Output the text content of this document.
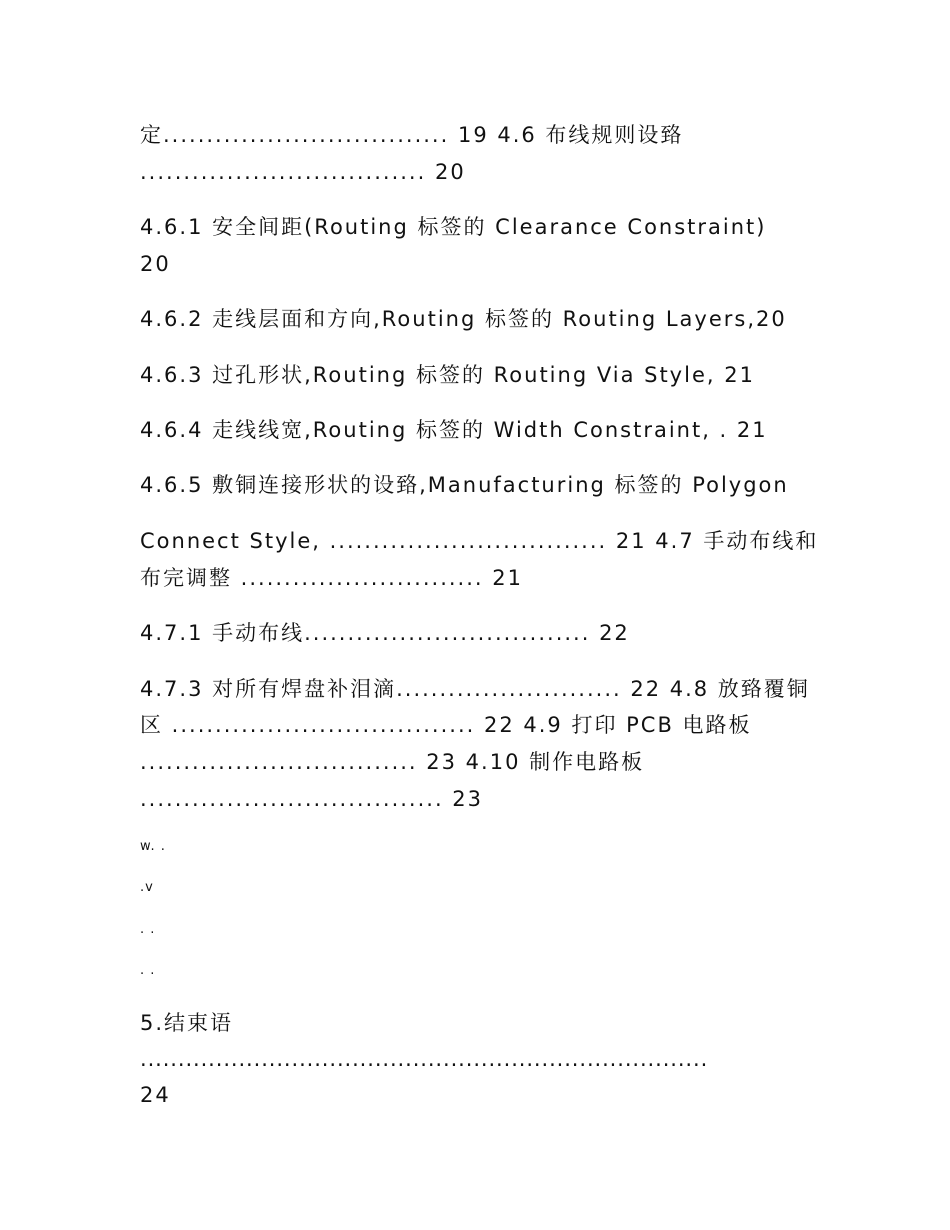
定................................. 19 4.6 布线规则设臵
................................. 20
4.6.1 安全间距(Routing 标签的 Clearance Constraint)
20
4.6.2 走线层面和方向,Routing 标签的 Routing Layers,20
4.6.3 过孔形状,Routing 标签的 Routing Via Style, 21
4.6.4 走线线宽,Routing 标签的 Width Constraint, . 21
4.6.5 敷铜连接形状的设臵,Manufacturing 标签的 Polygon
Connect Style, ................................ 21 4.7 手动布线和
布完调整 ............................ 21
4.7.1 手动布线................................. 22
4.7.3 对所有焊盘补泪滴.......................... 22 4.8 放臵覆铜
区 ................................... 22 4.9 打印 PCB 电路板
................................ 23 4.10 制作电路板
................................... 23
w. .
.v
. .
. .
5.结束语
...........................................................................
24
